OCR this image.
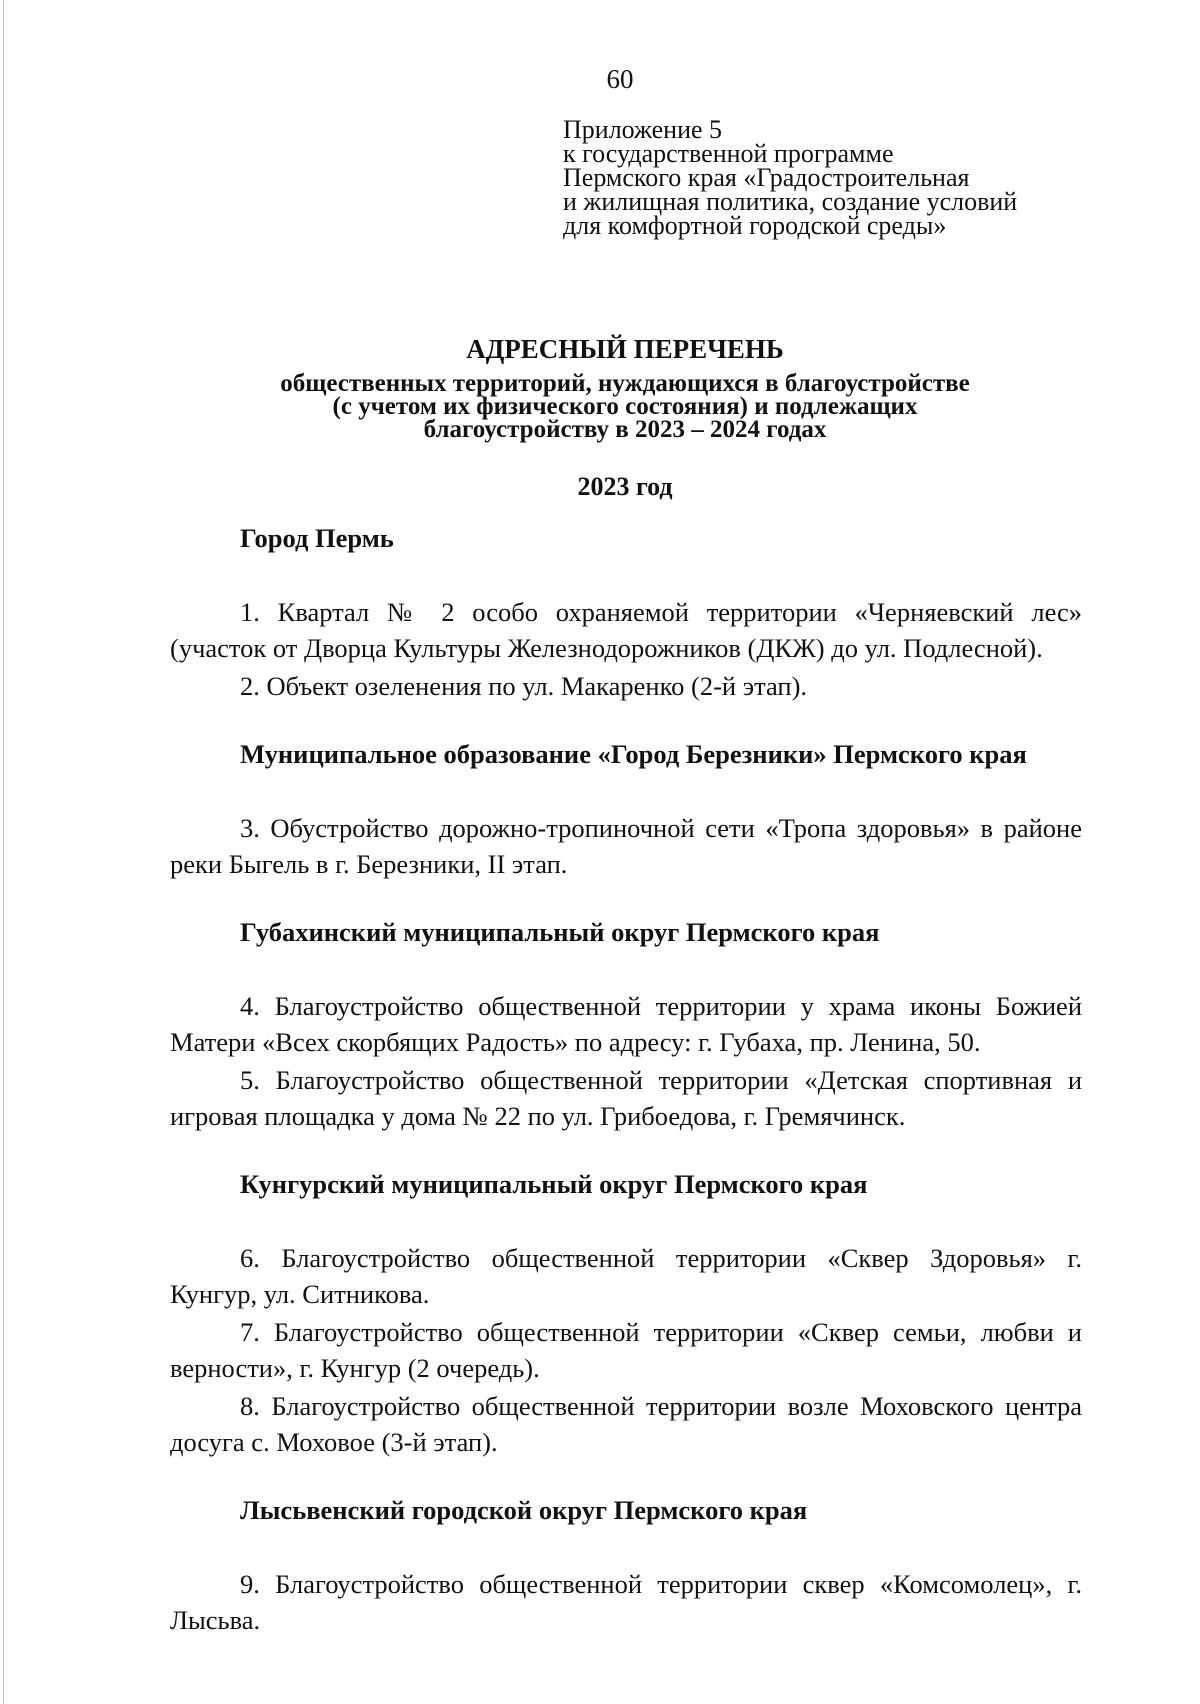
60
Приложение 5
к государственной программе
Пермского края «Градостроительная
и жилищная политика, создание условий
для комфортной городской среды»
АДРЕСНЫЙ ПЕРЕЧЕНЬ
общественных территорий, нуждающихся в благоустройстве
(с учетом их физического состояния) и подлежащих
благоустройству в 2023 – 2024 годах
2023 год

Город Пермь

1. Квартал № 2 особо охраняемой территории «Черняевский лес» (участок от Дворца Культуры Железнодорожников (ДКЖ) до ул. Подлесной).

2. Объект озеленения по ул. Макаренко (2-й этап).

Муниципальное образование «Город Березники» Пермского края

3. Обустройство дорожно-тропиночной сети «Тропа здоровья» в районе реки Быгель в г. Березники, II этап.

Губахинский муниципальный округ Пермского края

4. Благоустройство общественной территории у храма иконы Божией Матери «Всех скорбящих Радость» по адресу: г. Губаха, пр. Ленина, 50.

5. Благоустройство общественной территории «Детская спортивная и игровая площадка у дома № 22 по ул. Грибоедова, г. Гремячинск.

Кунгурский муниципальный округ Пермского края

6. Благоустройство общественной территории «Сквер Здоровья» г. Кунгур, ул. Ситникова.

7. Благоустройство общественной территории «Сквер семьи, любви и верности», г. Кунгур (2 очередь).

8. Благоустройство общественной территории возле Моховского центра досуга с. Моховое (3-й этап).

Лысьвенский городской округ Пермского края

9. Благоустройство общественной территории сквер «Комсомолец», г. Лысьва.
